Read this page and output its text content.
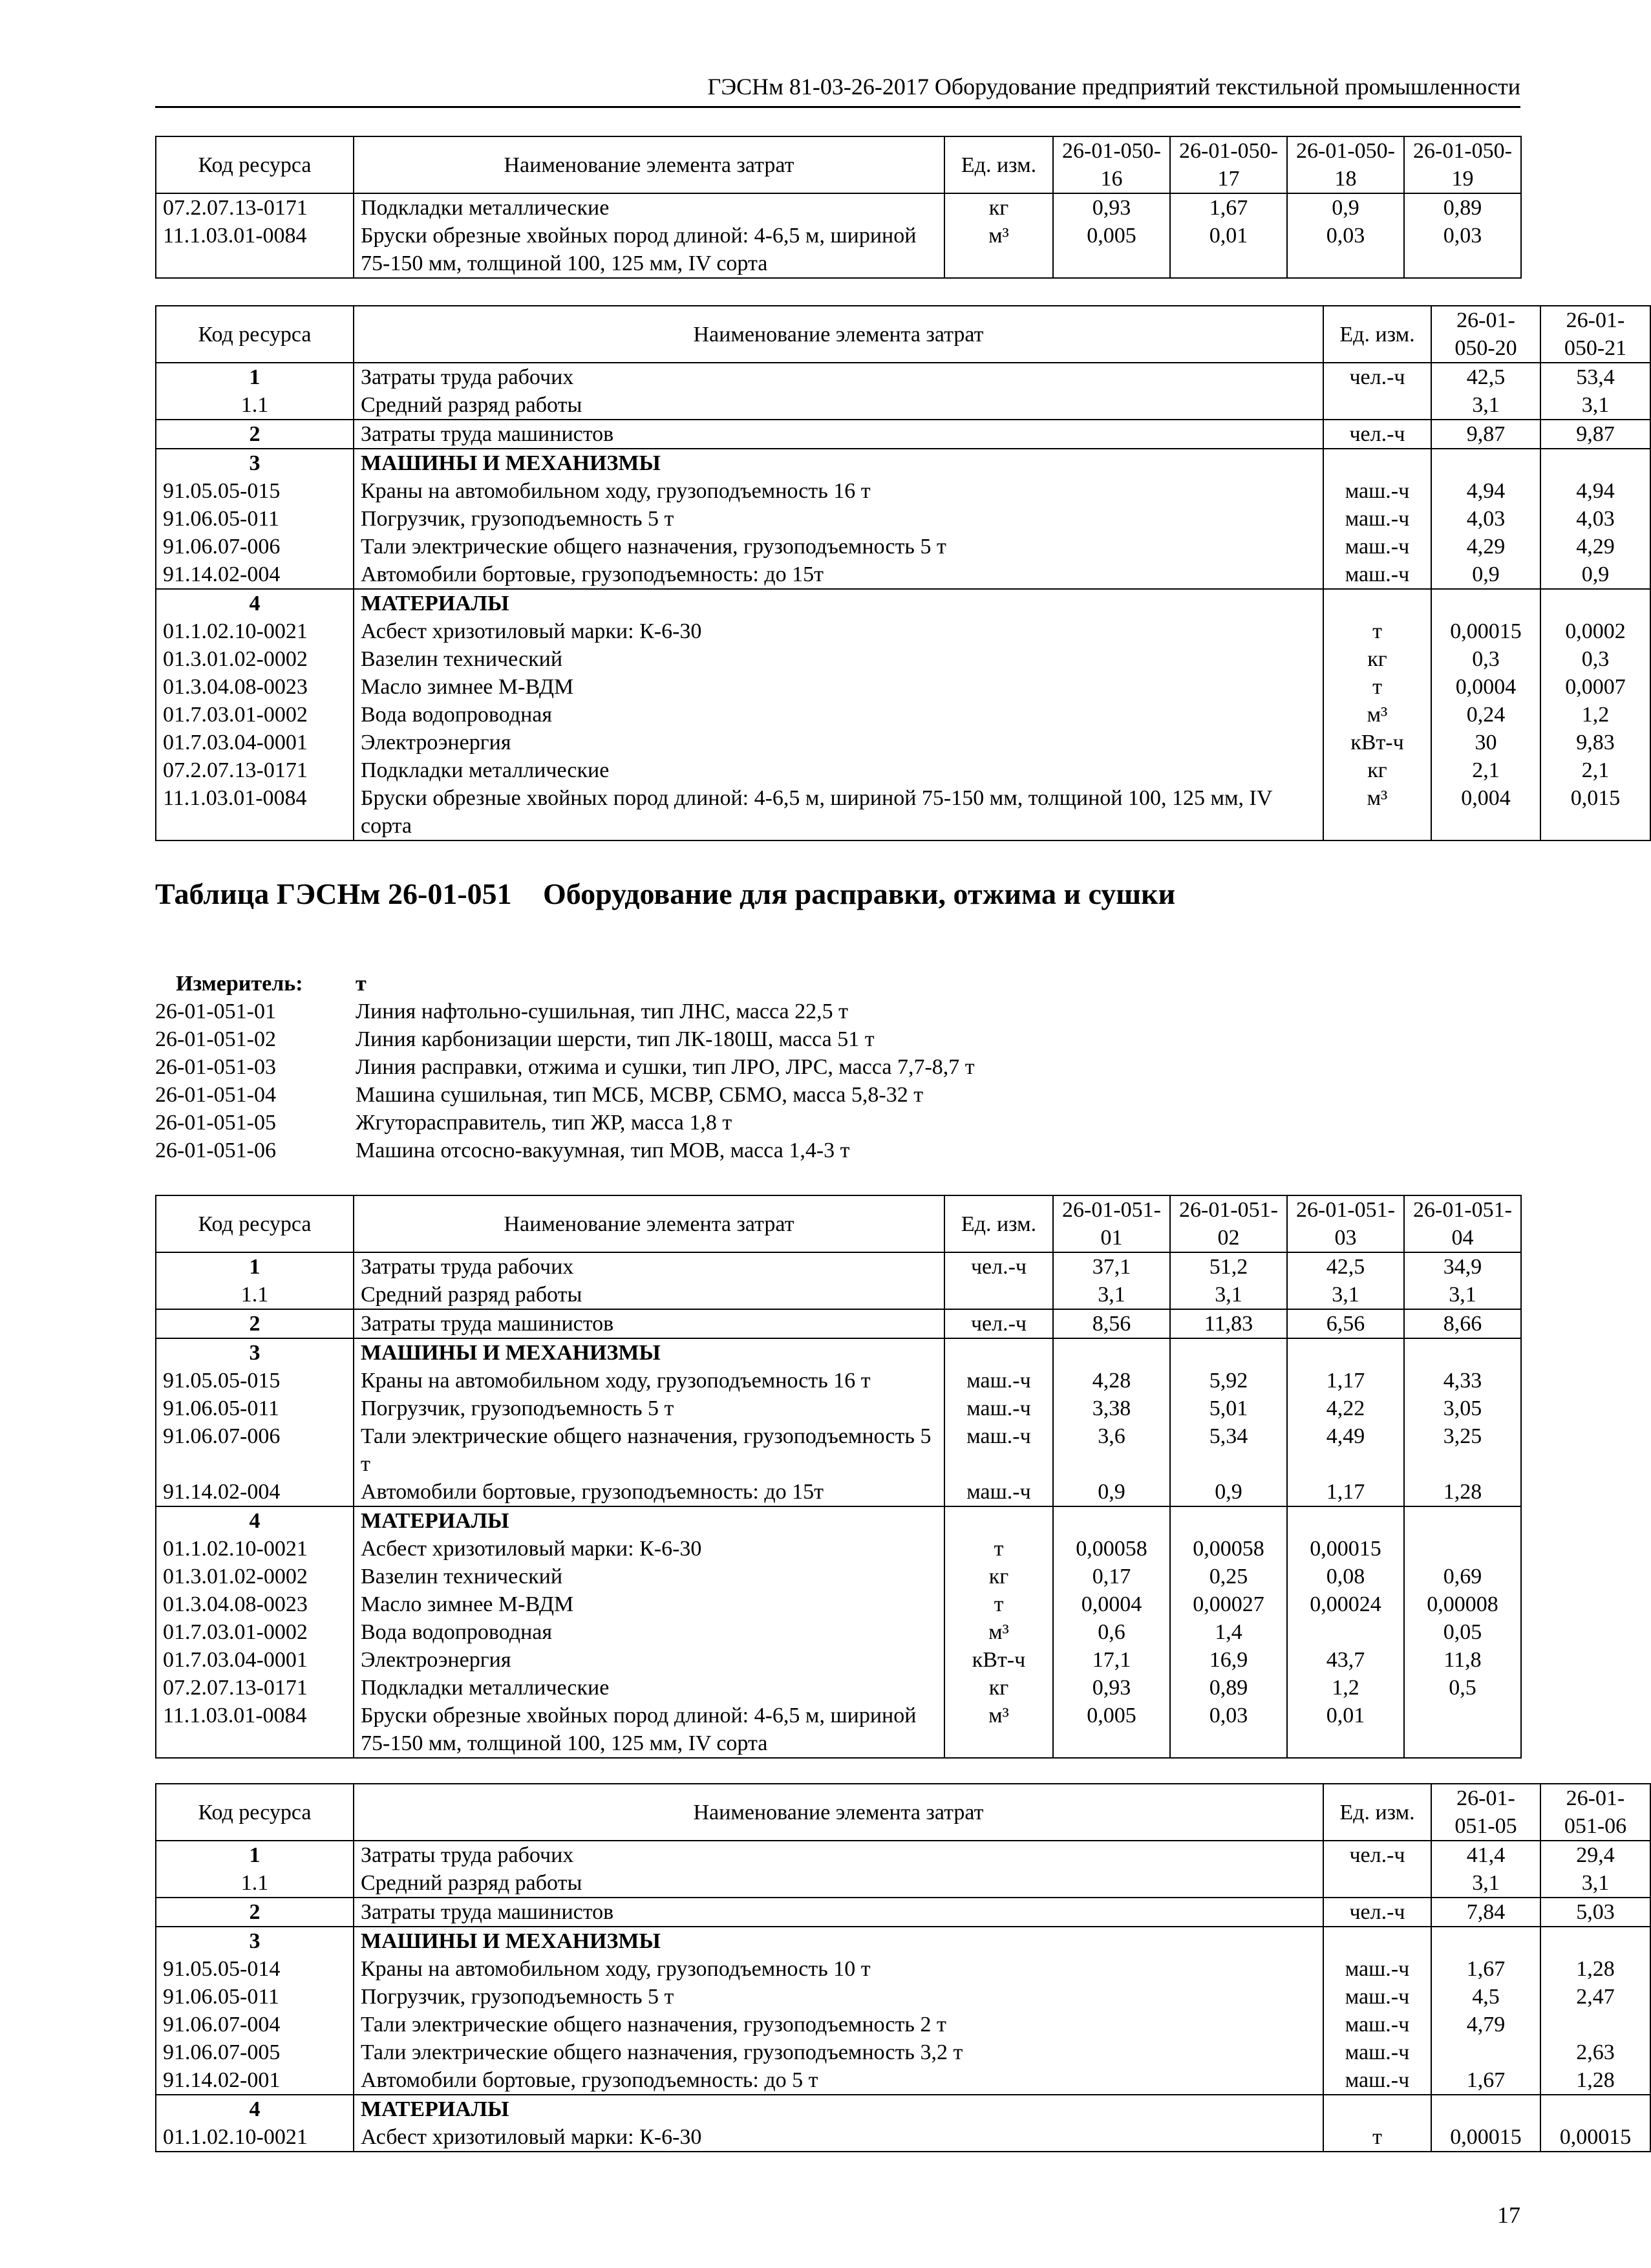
ГЭСНм 81-03-26-2017 Оборудование предприятий текстильной промышленности
Код ресурса	Наименование элемента затрат	Ед. изм.	26-01-050-16	26-01-050-17	26-01-050-18	26-01-050-19
07.2.07.13-0171	Подкладки металлические	кг	0,93	1,67	0,9	0,89
11.1.03.01-0084	Бруски обрезные хвойных пород длиной: 4-6,5 м, шириной 75-150 мм, толщиной 100, 125 мм, IV сорта	м³	0,005	0,01	0,03	0,03
Код ресурса	Наименование элемента затрат	Ед. изм.	26-01-050-20	26-01-050-21
1	Затраты труда рабочих	чел.-ч	42,5	53,4
1.1	Средний разряд работы		3,1	3,1
2	Затраты труда машинистов	чел.-ч	9,87	9,87
3	МАШИНЫ И МЕХАНИЗМЫ			
91.05.05-015	Краны на автомобильном ходу, грузоподъемность 16 т	маш.-ч	4,94	4,94
91.06.05-011	Погрузчик, грузоподъемность 5 т	маш.-ч	4,03	4,03
91.06.07-006	Тали электрические общего назначения, грузоподъемность 5 т	маш.-ч	4,29	4,29
91.14.02-004	Автомобили бортовые, грузоподъемность: до 15т	маш.-ч	0,9	0,9
4	МАТЕРИАЛЫ			
01.1.02.10-0021	Асбест хризотиловый марки: К-6-30	т	0,00015	0,0002
01.3.01.02-0002	Вазелин технический	кг	0,3	0,3
01.3.04.08-0023	Масло зимнее М-ВДМ	т	0,0004	0,0007
01.7.03.01-0002	Вода водопроводная	м³	0,24	1,2
01.7.03.04-0001	Электроэнергия	кВт-ч	30	9,83
07.2.07.13-0171	Подкладки металлические	кг	2,1	2,1
11.1.03.01-0084	Бруски обрезные хвойных пород длиной: 4-6,5 м, шириной 75-150 мм, толщиной 100, 125 мм, IV сорта	м³	0,004	0,015
Таблица ГЭСНм 26-01-051	Оборудование для расправки, отжима и сушки
Измеритель:	т
26-01-051-01	Линия нафтольно-сушильная, тип ЛНС, масса 22,5 т
26-01-051-02	Линия карбонизации шерсти, тип ЛК-180Ш, масса 51 т
26-01-051-03	Линия расправки, отжима и сушки, тип ЛРО, ЛРС, масса 7,7-8,7 т
26-01-051-04	Машина сушильная, тип МСБ, МСВР, СБМО, масса 5,8-32 т
26-01-051-05	Жгуторасправитель, тип ЖР, масса 1,8 т
26-01-051-06	Машина отсосно-вакуумная, тип МОВ, масса 1,4-3 т
Код ресурса	Наименование элемента затрат	Ед. изм.	26-01-051-01	26-01-051-02	26-01-051-03	26-01-051-04
1	Затраты труда рабочих	чел.-ч	37,1	51,2	42,5	34,9
1.1	Средний разряд работы		3,1	3,1	3,1	3,1
2	Затраты труда машинистов	чел.-ч	8,56	11,83	6,56	8,66
3	МАШИНЫ И МЕХАНИЗМЫ					
91.05.05-015	Краны на автомобильном ходу, грузоподъемность 16 т	маш.-ч	4,28	5,92	1,17	4,33
91.06.05-011	Погрузчик, грузоподъемность 5 т	маш.-ч	3,38	5,01	4,22	3,05
91.06.07-006	Тали электрические общего назначения, грузоподъемность 5 т	маш.-ч	3,6	5,34	4,49	3,25
91.14.02-004	Автомобили бортовые, грузоподъемность: до 15т	маш.-ч	0,9	0,9	1,17	1,28
4	МАТЕРИАЛЫ					
01.1.02.10-0021	Асбест хризотиловый марки: К-6-30	т	0,00058	0,00058	0,00015	
01.3.01.02-0002	Вазелин технический	кг	0,17	0,25	0,08	0,69
01.3.04.08-0023	Масло зимнее М-ВДМ	т	0,0004	0,00027	0,00024	0,00008
01.7.03.01-0002	Вода водопроводная	м³	0,6	1,4		0,05
01.7.03.04-0001	Электроэнергия	кВт-ч	17,1	16,9	43,7	11,8
07.2.07.13-0171	Подкладки металлические	кг	0,93	0,89	1,2	0,5
11.1.03.01-0084	Бруски обрезные хвойных пород длиной: 4-6,5 м, шириной 75-150 мм, толщиной 100, 125 мм, IV сорта	м³	0,005	0,03	0,01	
Код ресурса	Наименование элемента затрат	Ед. изм.	26-01-051-05	26-01-051-06
1	Затраты труда рабочих	чел.-ч	41,4	29,4
1.1	Средний разряд работы		3,1	3,1
2	Затраты труда машинистов	чел.-ч	7,84	5,03
3	МАШИНЫ И МЕХАНИЗМЫ			
91.05.05-014	Краны на автомобильном ходу, грузоподъемность 10 т	маш.-ч	1,67	1,28
91.06.05-011	Погрузчик, грузоподъемность 5 т	маш.-ч	4,5	2,47
91.06.07-004	Тали электрические общего назначения, грузоподъемность 2 т	маш.-ч	4,79	
91.06.07-005	Тали электрические общего назначения, грузоподъемность 3,2 т	маш.-ч		2,63
91.14.02-001	Автомобили бортовые, грузоподъемность: до 5 т	маш.-ч	1,67	1,28
4	МАТЕРИАЛЫ			
01.1.02.10-0021	Асбест хризотиловый марки: К-6-30	т	0,00015	0,00015
17
